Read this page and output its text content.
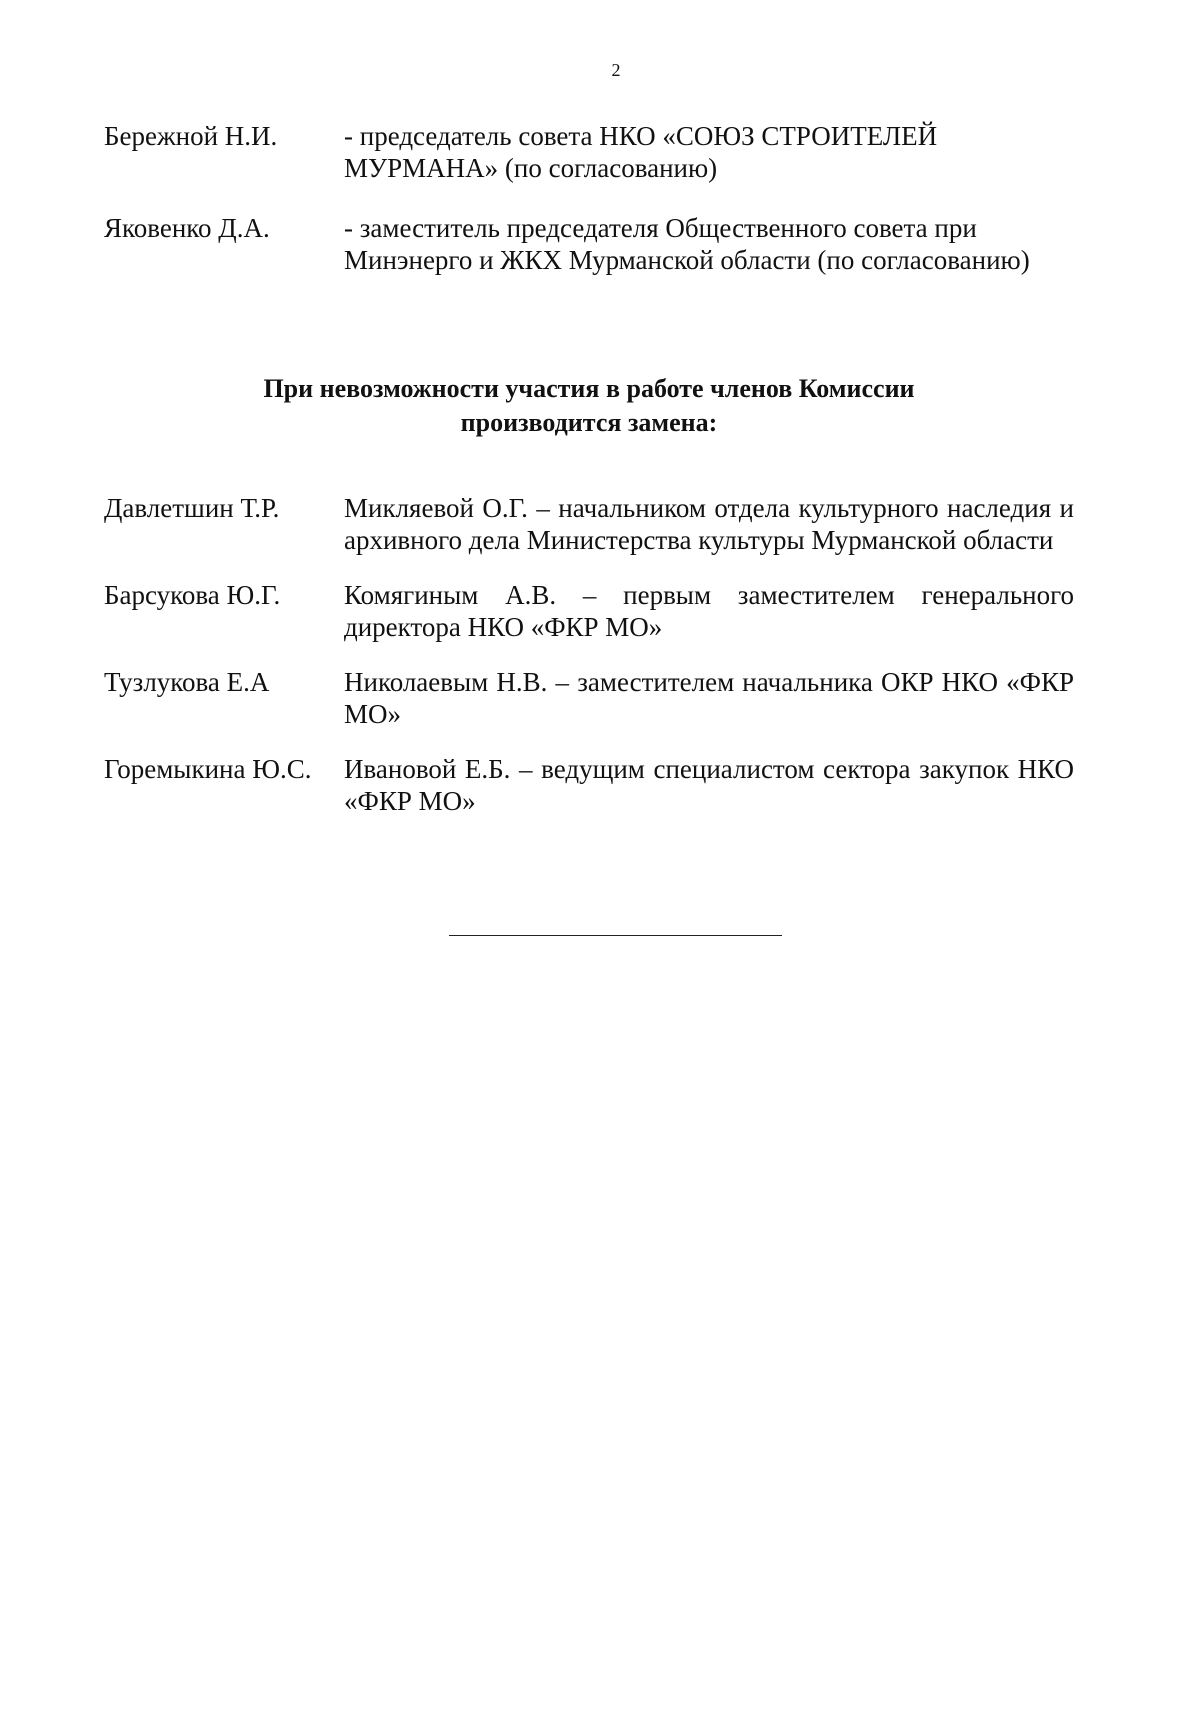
2
Бережной Н.И.	- председатель совета НКО «СОЮЗ СТРОИТЕЛЕЙ МУРМАНА» (по согласованию)
Яковенко Д.А.	- заместитель председателя Общественного совета при Минэнерго и ЖКХ Мурманской области (по согласованию)
При невозможности участия в работе членов Комиссии
производится замена:
Давлетшин Т.Р.	Микляевой О.Г. – начальником отдела культурного наследия и архивного дела Министерства культуры Мурманской области
Барсукова Ю.Г.	Комягиным А.В. – первым заместителем генерального директора НКО «ФКР МО»
Тузлукова Е.А	Николаевым Н.В. – заместителем начальника ОКР НКО «ФКР МО»
Горемыкина Ю.С.	Ивановой Е.Б. – ведущим специалистом сектора закупок НКО «ФКР МО»
